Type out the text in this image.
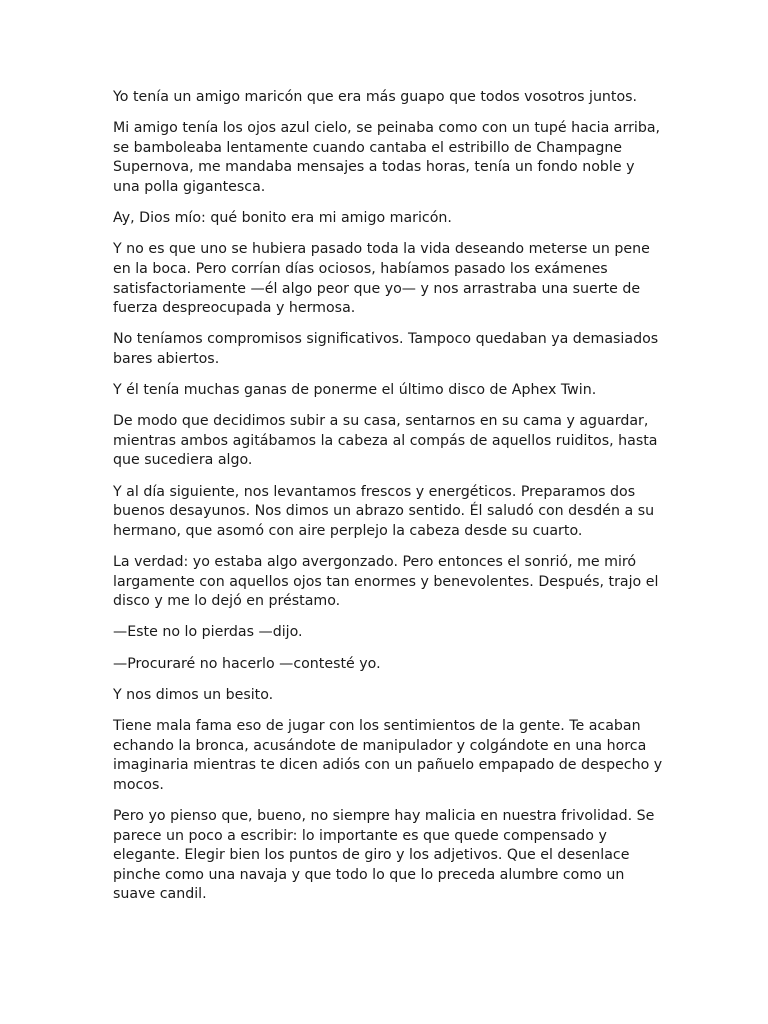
Yo tenía un amigo maricón que era más guapo que todos vosotros juntos.

Mi amigo tenía los ojos azul cielo, se peinaba como con un tupé hacia arriba, se bamboleaba lentamente cuando cantaba el estribillo de Champagne Supernova, me mandaba mensajes a todas horas, tenía un fondo noble y una polla gigantesca.

Ay, Dios mío: qué bonito era mi amigo maricón.

Y no es que uno se hubiera pasado toda la vida deseando meterse un pene en la boca. Pero corrían días ociosos, habíamos pasado los exámenes satisfactoriamente —él algo peor que yo— y nos arrastraba una suerte de fuerza despreocupada y hermosa.

No teníamos compromisos significativos. Tampoco quedaban ya demasiados bares abiertos.

Y él tenía muchas ganas de ponerme el último disco de Aphex Twin.

De modo que decidimos subir a su casa, sentarnos en su cama y aguardar, mientras ambos agitábamos la cabeza al compás de aquellos ruiditos, hasta que sucediera algo.

Y al día siguiente, nos levantamos frescos y energéticos. Preparamos dos buenos desayunos. Nos dimos un abrazo sentido. Él saludó con desdén a su hermano, que asomó con aire perplejo la cabeza desde su cuarto.

La verdad: yo estaba algo avergonzado. Pero entonces el sonrió, me miró largamente con aquellos ojos tan enormes y benevolentes. Después, trajo el disco y me lo dejó en préstamo.

—Este no lo pierdas —dijo.

—Procuraré no hacerlo —contesté yo.

Y nos dimos un besito.

Tiene mala fama eso de jugar con los sentimientos de la gente. Te acaban echando la bronca, acusándote de manipulador y colgándote en una horca imaginaria mientras te dicen adiós con un pañuelo empapado de despecho y mocos.

Pero yo pienso que, bueno, no siempre hay malicia en nuestra frivolidad. Se parece un poco a escribir: lo importante es que quede compensado y elegante. Elegir bien los puntos de giro y los adjetivos. Que el desenlace pinche como una navaja y que todo lo que lo preceda alumbre como un suave candil.
